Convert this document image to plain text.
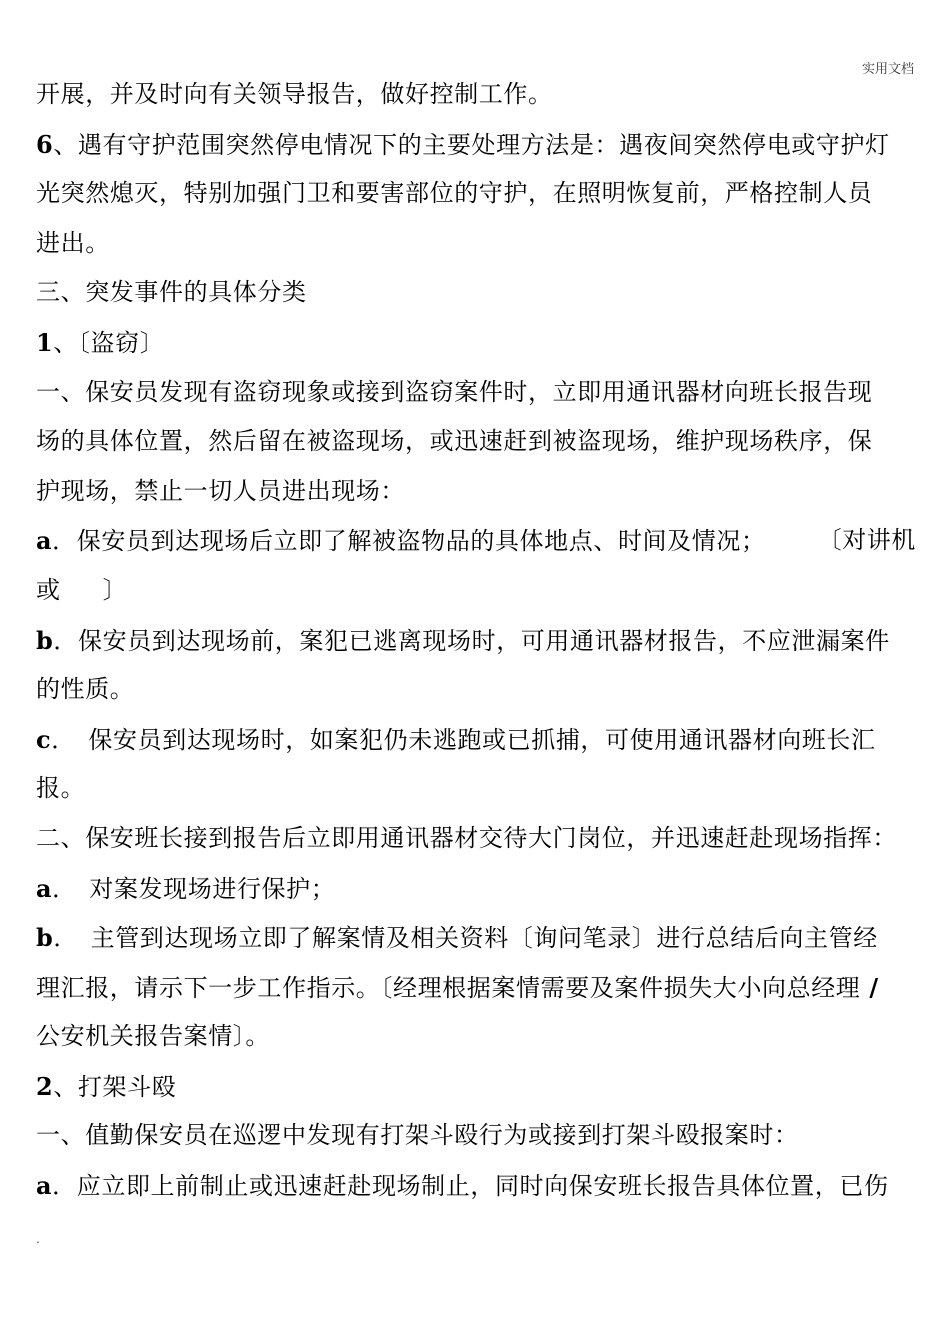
实用文档
开展，并及时向有关领导报告，做好控制工作。
6、遇有守护范围突然停电情况下的主要处理方法是：遇夜间突然停电或守护灯
光突然熄灭，特别加强门卫和要害部位的守护，在照明恢复前，严格控制人员
进出。
三、突发事件的具体分类
1、〔盗窃〕
一、保安员发现有盗窃现象或接到盗窃案件时，立即用通讯器材向班长报告现
场的具体位置，然后留在被盗现场，或迅速赶到被盗现场，维护现场秩序，保
护现场，禁止一切人员进出现场：
a．保安员到达现场后立即了解被盗物品的具体地点、时间及情况； 〔对讲机
或 〕
b．保安员到达现场前，案犯已逃离现场时，可用通讯器材报告，不应泄漏案件
的性质。
c．　保安员到达现场时，如案犯仍未逃跑或已抓捕，可使用通讯器材向班长汇
报。
二、保安班长接到报告后立即用通讯器材交待大门岗位，并迅速赶赴现场指挥：
a．　对案发现场进行保护；
b．　主管到达现场立即了解案情及相关资料〔询问笔录〕进行总结后向主管经
理汇报，请示下一步工作指示。〔经理根据案情需要及案件损失大小向总经理 /
公安机关报告案情〕。
2、打架斗殴
一、值勤保安员在巡逻中发现有打架斗殴行为或接到打架斗殴报案时：
a．应立即上前制止或迅速赶赴现场制止，同时向保安班长报告具体位置，已伤
.
